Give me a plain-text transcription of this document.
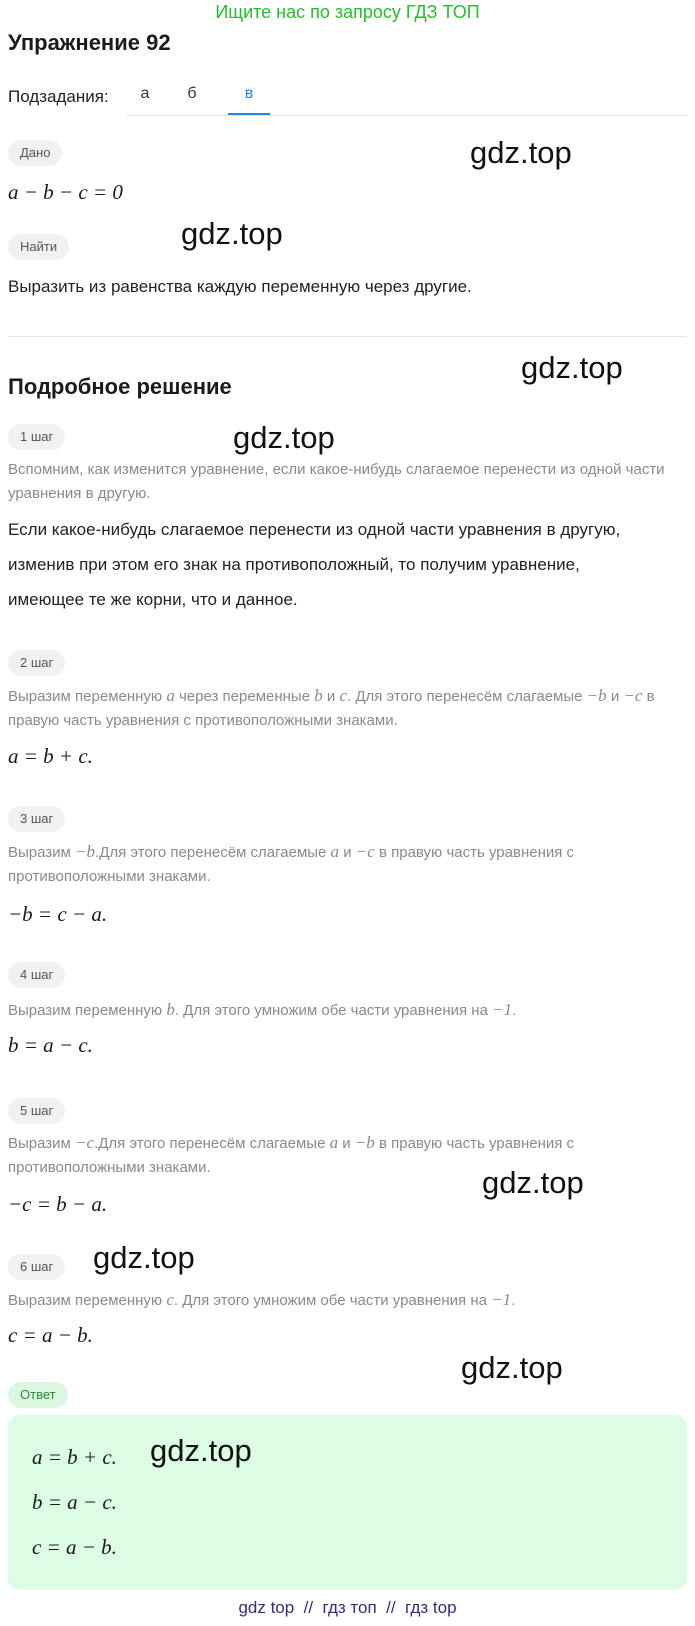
Ищите нас по запросу ГДЗ ТОП
Упражнение 92
Подзадания:	а	б	в
Дано
a − b − c = 0
Найти
Выразить из равенства каждую переменную через другие.
Подробное решение
1 шаг
Вспомним, как изменится уравнение, если какое-нибудь слагаемое перенести из одной части уравнения в другую.
Если какое-нибудь слагаемое перенести из одной части уравнения в другую,
изменив при этом его знак на противоположный, то получим уравнение,
имеющее те же корни, что и данное.
2 шаг
Выразим переменную a через переменные b и c. Для этого перенесём слагаемые −b и −c в правую часть уравнения с противоположными знаками.
a = b + c.
3 шаг
Выразим −b.Для этого перенесём слагаемые a и −c в правую часть уравнения с противоположными знаками.
−b = c − a.
4 шаг
Выразим переменную b. Для этого умножим обе части уравнения на −1.
b = a − c.
5 шаг
Выразим −c.Для этого перенесём слагаемые a и −b в правую часть уравнения с противоположными знаками.
−c = b − a.
6 шаг
Выразим переменную c. Для этого умножим обе части уравнения на −1.
c = a − b.
Ответ
a = b + c.
b = a − c.
c = a − b.
gdz.top
gdz.top
gdz.top
gdz.top
gdz.top
gdz.top
gdz.top
gdz.top
gdz top  //  гдз топ  //  гдз top
